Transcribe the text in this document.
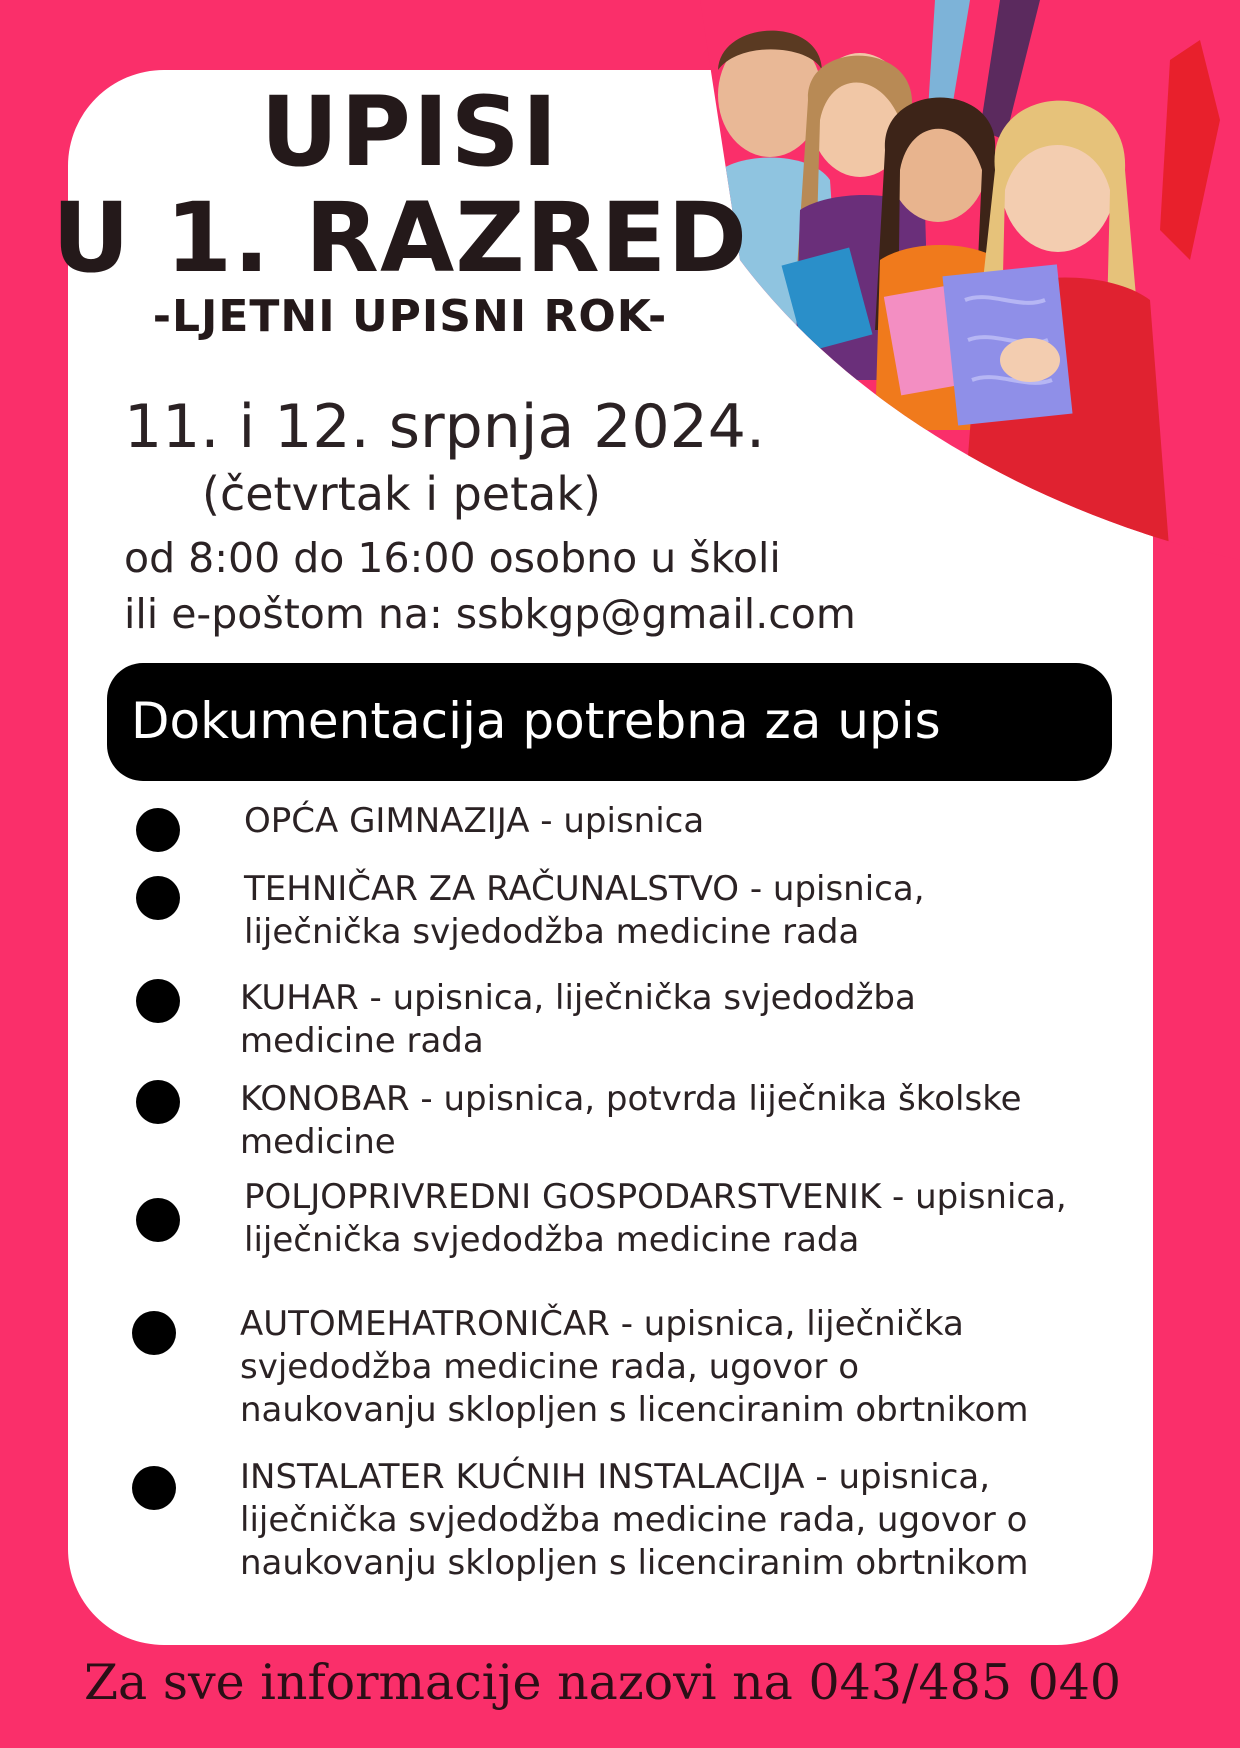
UPISI
U 1. RAZRED
-LJETNI UPISNI ROK-
11. i 12. srpnja 2024.
(četvrtak i petak)
od 8:00 do 16:00 osobno u školi
ili e-poštom na: ssbkgp@gmail.com
Dokumentacija potrebna za upis
OPĆA GIMNAZIJA - upisnica
TEHNIČAR ZA RAČUNALSTVO - upisnica,
liječnička svjedodžba medicine rada
KUHAR - upisnica, liječnička svjedodžba
medicine rada
KONOBAR - upisnica, potvrda liječnika školske
medicine
POLJOPRIVREDNI GOSPODARSTVENIK - upisnica,
liječnička svjedodžba medicine rada
AUTOMEHATRONIČAR - upisnica, liječnička
svjedodžba medicine rada, ugovor o
naukovanju sklopljen s licenciranim obrtnikom
INSTALATER KUĆNIH INSTALACIJA - upisnica,
liječnička svjedodžba medicine rada, ugovor o
naukovanju sklopljen s licenciranim obrtnikom
Za sve informacije nazovi na 043/485 040
